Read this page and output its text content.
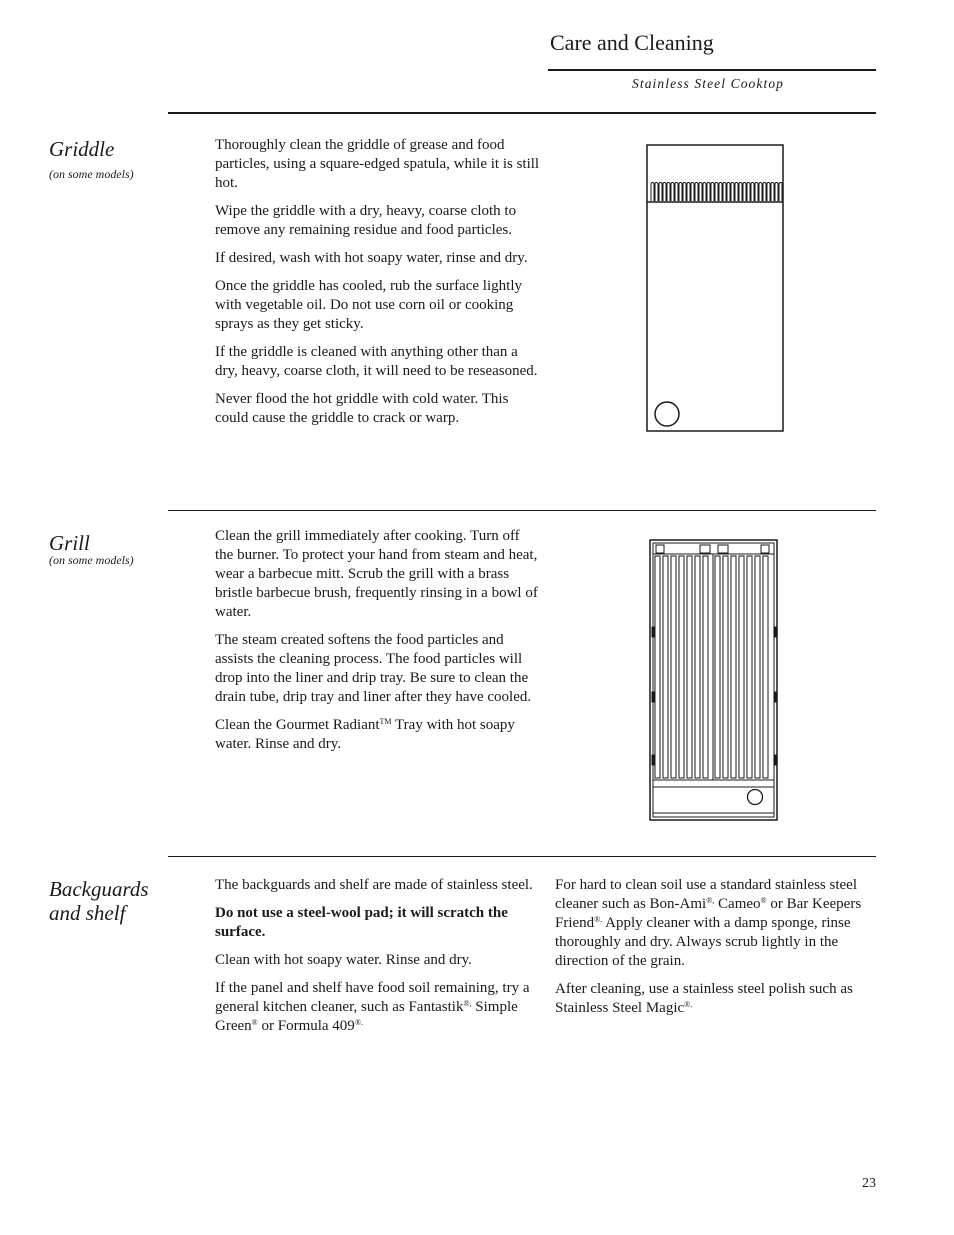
Care and Cleaning
Stainless Steel Cooktop
Griddle
(on some models)

Thoroughly clean the griddle of grease and food particles, using a square-edged spatula, while it is still hot.

Wipe the griddle with a dry, heavy, coarse cloth to remove any remaining residue and food particles.

If desired, wash with hot soapy water, rinse and dry.

Once the griddle has cooled, rub the surface lightly with vegetable oil. Do not use corn oil or cooking sprays as they get sticky.

If the griddle is cleaned with anything other than a dry, heavy, coarse cloth, it will need to be reseasoned.

Never flood the hot griddle with cold water. This could cause the griddle to crack or warp.

Grill
(on some models)

Clean the grill immediately after cooking. Turn off the burner. To protect your hand from steam and heat, wear a barbecue mitt. Scrub the grill with a brass bristle barbecue brush, frequently rinsing in a bowl of water.

The steam created softens the food particles and assists the cleaning process. The food particles will drop into the liner and drip tray. Be sure to clean the drain tube, drip tray and liner after they have cooled.

Clean the Gourmet Radiant™ Tray with hot soapy water. Rinse and dry.

Backguards
and shelf

The backguards and shelf are made of stainless steel.

Do not use a steel-wool pad; it will scratch the surface.

Clean with hot soapy water. Rinse and dry.

If the panel and shelf have food soil remaining, try a general kitchen cleaner, such as Fantastik®, Simple Green® or Formula 409®.

For hard to clean soil use a standard stainless steel cleaner such as Bon-Ami®, Cameo® or Bar Keepers Friend®. Apply cleaner with a damp sponge, rinse thoroughly and dry. Always scrub lightly in the direction of the grain.

After cleaning, use a stainless steel polish such as Stainless Steel Magic®.

23
